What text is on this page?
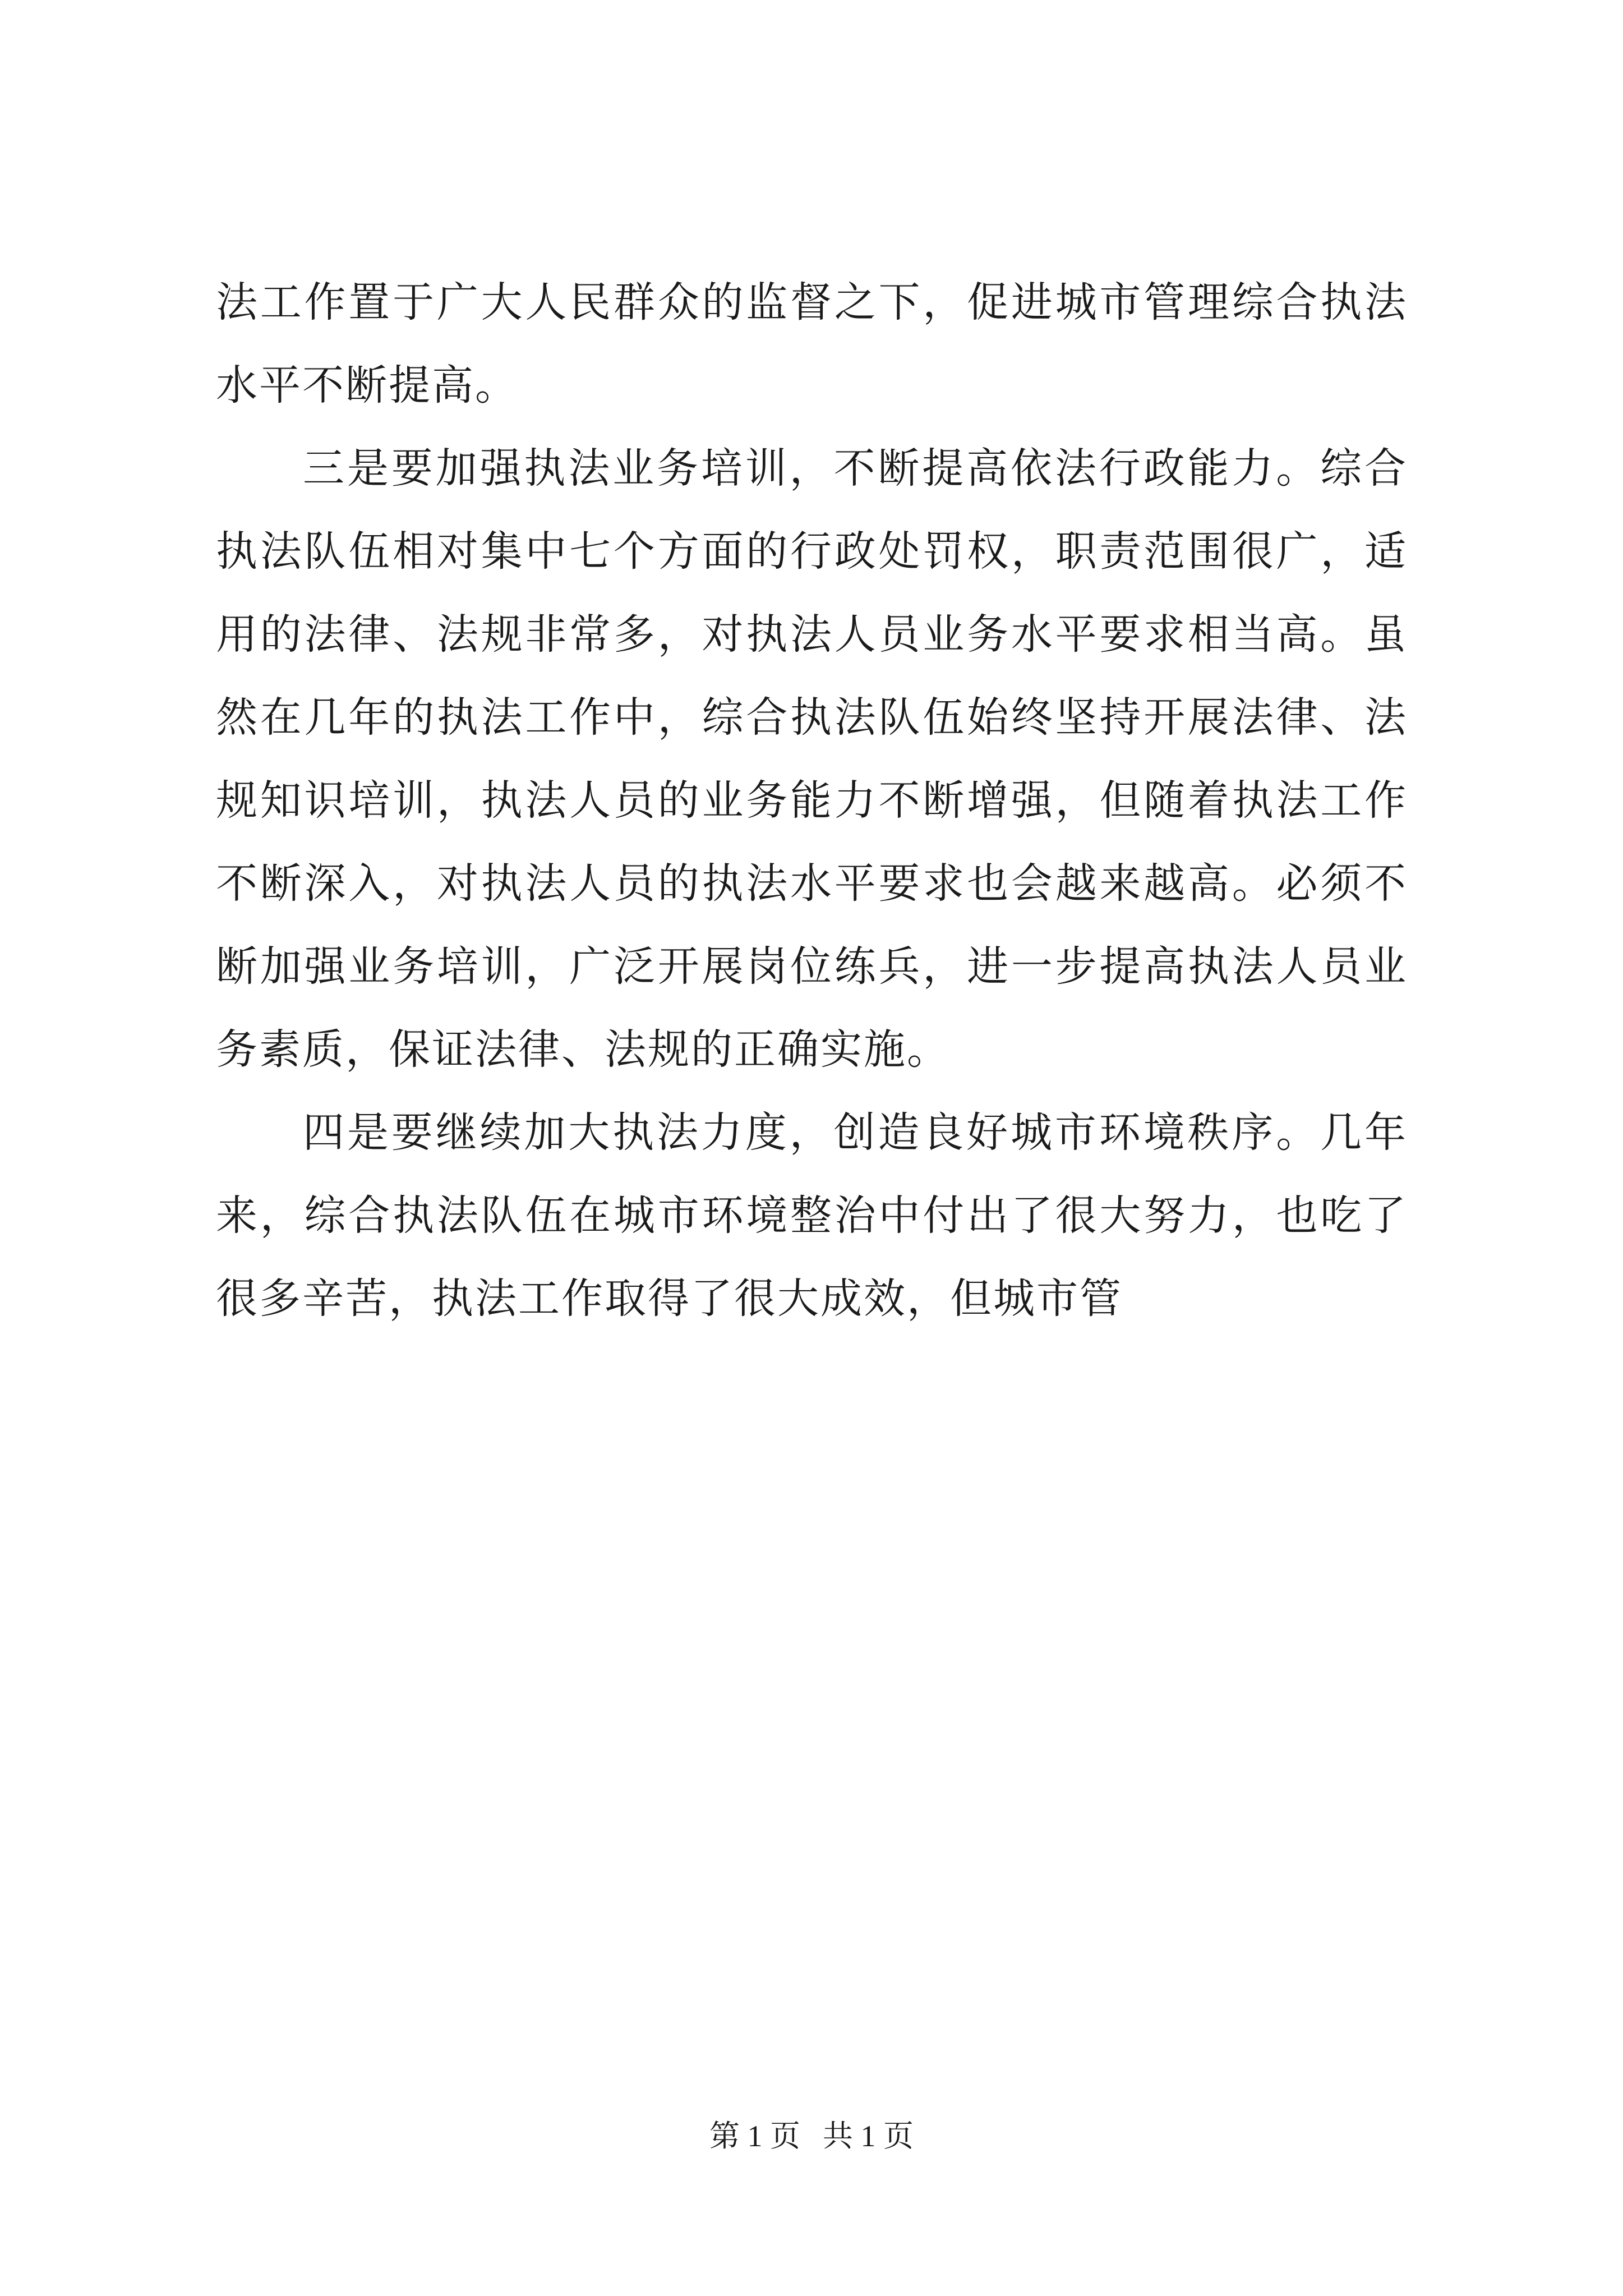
法工作置于广大人民群众的监督之下，促进城市管理综合执法水平不断提高。

三是要加强执法业务培训，不断提高依法行政能力。综合执法队伍相对集中七个方面的行政处罚权，职责范围很广，适用的法律、法规非常多，对执法人员业务水平要求相当高。虽然在几年的执法工作中，综合执法队伍始终坚持开展法律、法规知识培训，执法人员的业务能力不断增强，但随着执法工作不断深入，对执法人员的执法水平要求也会越来越高。必须不断加强业务培训，广泛开展岗位练兵，进一步提高执法人员业务素质，保证法律、法规的正确实施。

四是要继续加大执法力度，创造良好城市环境秩序。几年来，综合执法队伍在城市环境整治中付出了很大努力，也吃了很多辛苦，执法工作取得了很大成效，但城市管

第 1 页 共 1 页
